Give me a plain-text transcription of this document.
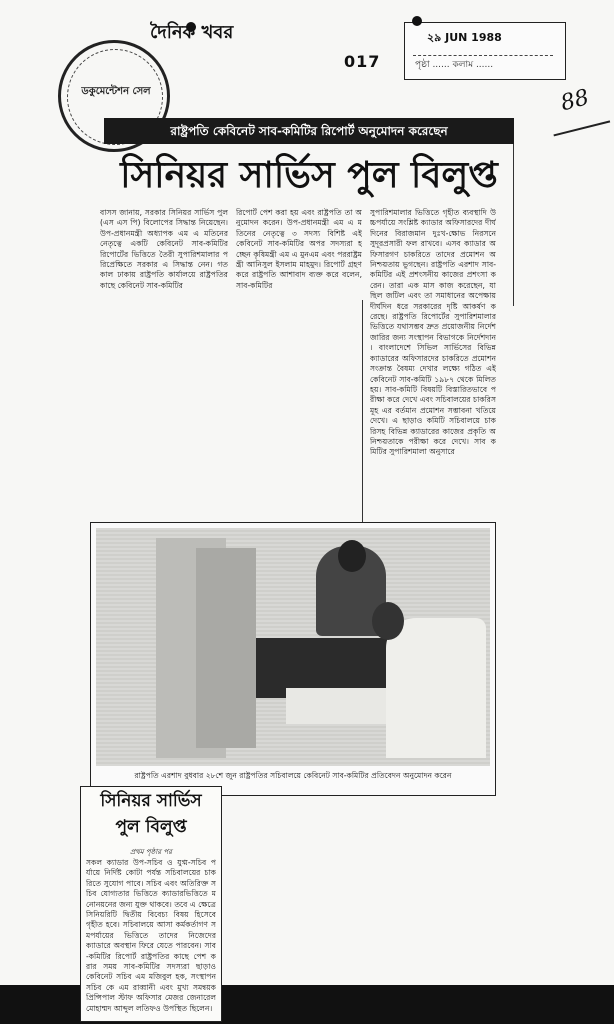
ডকুমেন্টেশন সেল
দৈনিক খবর
017
২৯ JUN 1988
পৃষ্ঠা ...... কলাম ......
88
রাষ্ট্রপতি কেবিনেট সাব-কমিটির রিপোর্ট অনুমোদন করেছেন
সিনিয়র সার্ভিস পুল বিলুপ্ত
বাসস জানায়, সরকার সিনিয়র সার্ভিস পুল (এস এস পি) বিলোপের সিদ্ধান্ত নিয়েছেন। উপ-প্রধানমন্ত্রী অধ্যাপক এম এ মতিনের নেতৃত্বে একটি কেবিনেট সাব-কমিটির রিপোর্টের ভিত্তিতে তৈরী সুপারিশমালার পরিপ্রেক্ষিতে সরকার এ সিদ্ধান্ত নেন। গতকাল ঢাকায় রাষ্ট্রপতি কার্যালয়ে রাষ্ট্রপতির কাছে কেবিনেট সাব-কমিটির
রিপোর্ট পেশ করা হয় এবং রাষ্ট্রপতি তা অনুমোদন করেন। উপ-প্রধানমন্ত্রী এম এ মতিনের নেতৃত্বে ৩ সদস্য বিশিষ্ট এই কেবিনেট সাব-কমিটির অপর সদস্যরা হচ্ছেন কৃষিমন্ত্রী এম এ মুনএম এবং পররাষ্ট্রমন্ত্রী আনিসুল ইসলাম মাহমুদ। রিপোর্ট গ্রহণ করে রাষ্ট্রপতি আশাবাদ ব্যক্ত করে বলেন, সাব-কমিটির
সুপারিশমালার ভিত্তিতে গৃহীত ব্যবস্থাদি উচ্চপর্যায়ে সংশ্লিষ্ট ক্যাডার অফিসারদের দীর্ঘদিনের বিরাজমান দুঃখ-ক্ষোভ নিরসনে সুদূরপ্রসারী ফল রাখবে। এসব ক্যাডার অফিসারগণ চাকরিতে তাদের প্রমোশন অনিশ্চয়তায় ভুগছেন। রাষ্ট্রপতি এরশাদ সাব-কমিটির এই প্রশংসনীয় কাজের প্রশংসা করেন। তারা এক মাস কাজ করেছেন, যা ছিল জটিল এবং তা সমাধানের অপেক্ষায় দীর্ঘদিন ধরে সরকারের দৃষ্টি আকর্ষণ করেছে। রাষ্ট্রপতি রিপোর্টের সুপারিশমালার ভিত্তিতে যথাসম্ভব দ্রুত প্রয়োজনীয় নির্দেশ জারির জন্য সংস্থাপন বিভাগকে নির্দেশদান। বাংলাদেশে সিভিল সার্ভিসের বিভিন্ন ক্যাডারের অফিসারদের চাকরিতে প্রমোশন সংক্রান্ত বৈষম্য দেখার লক্ষ্যে গঠিত এই কেবিনেট সাব-কমিটি ১৯৮৭ থেকে মিলিত হয়। সাব-কমিটি বিষয়টি বিস্তারিতভাবে পরীক্ষা করে দেখে এবং সচিবালয়ের চাকরিসমূহ এর বর্তমান প্রমোশন সম্ভাবনা খতিয়ে দেখে। এ ছাড়াও কমিটি সচিবালয়ে চাকরিসহ বিভিন্ন ক্যাডারের কাজের প্রকৃতি অনিশ্চয়তাকে পরীক্ষা করে দেখে। সাব কমিটির সুপারিশমালা অনুসারে
রাষ্ট্রপতি এরশাদ বুধবার ২৮শে জুন রাষ্ট্রপতির সচিবালয়ে কেবিনেট সাব-কমিটির প্রতিবেদন অনুমোদন করেন
সিনিয়র সার্ভিস
পুল বিলুপ্ত
প্রথম পৃষ্ঠার পর
সকল ক্যাডার উপ-সচিব ও যুগ্ম-সচিব পর্যায়ে নির্দিষ্ট কোটা পর্যন্ত সচিবালয়ের চাকরিতে সুযোগ পাবে। সচিব এবং অতিরিক্ত সচিব যোগ্যতার ভিত্তিতে ক্যাডারভিত্তিতে মনোনয়নের জন্য যুক্ত থাকবে। তবে এ ক্ষেত্রে সিনিয়রিটি দ্বিতীয় বিবেচ্য বিষয় হিসেবে গৃহীত হবে। সচিবালয়ে আসা কর্মকর্তাগণ সমপর্যায়ের ভিত্তিতে তাদের নিজেদের ক্যাডারে অবস্থান ফিরে যেতে পারবেন। সাব-কমিটির রিপোর্ট রাষ্ট্রপতির কাছে পেশ করার সময় সাব-কমিটির সদস্যরা ছাড়াও কেবিনেট সচিব এম মজিবুল হক, সংস্থাপন সচিব কে এম রাব্বানী এবং মুখ্য সমন্বয়ক প্রিন্সিপাল স্টাফ অফিসার মেজর জেনারেল মোহাম্মদ আব্দুল লতিফও উপস্থিত ছিলেন।
